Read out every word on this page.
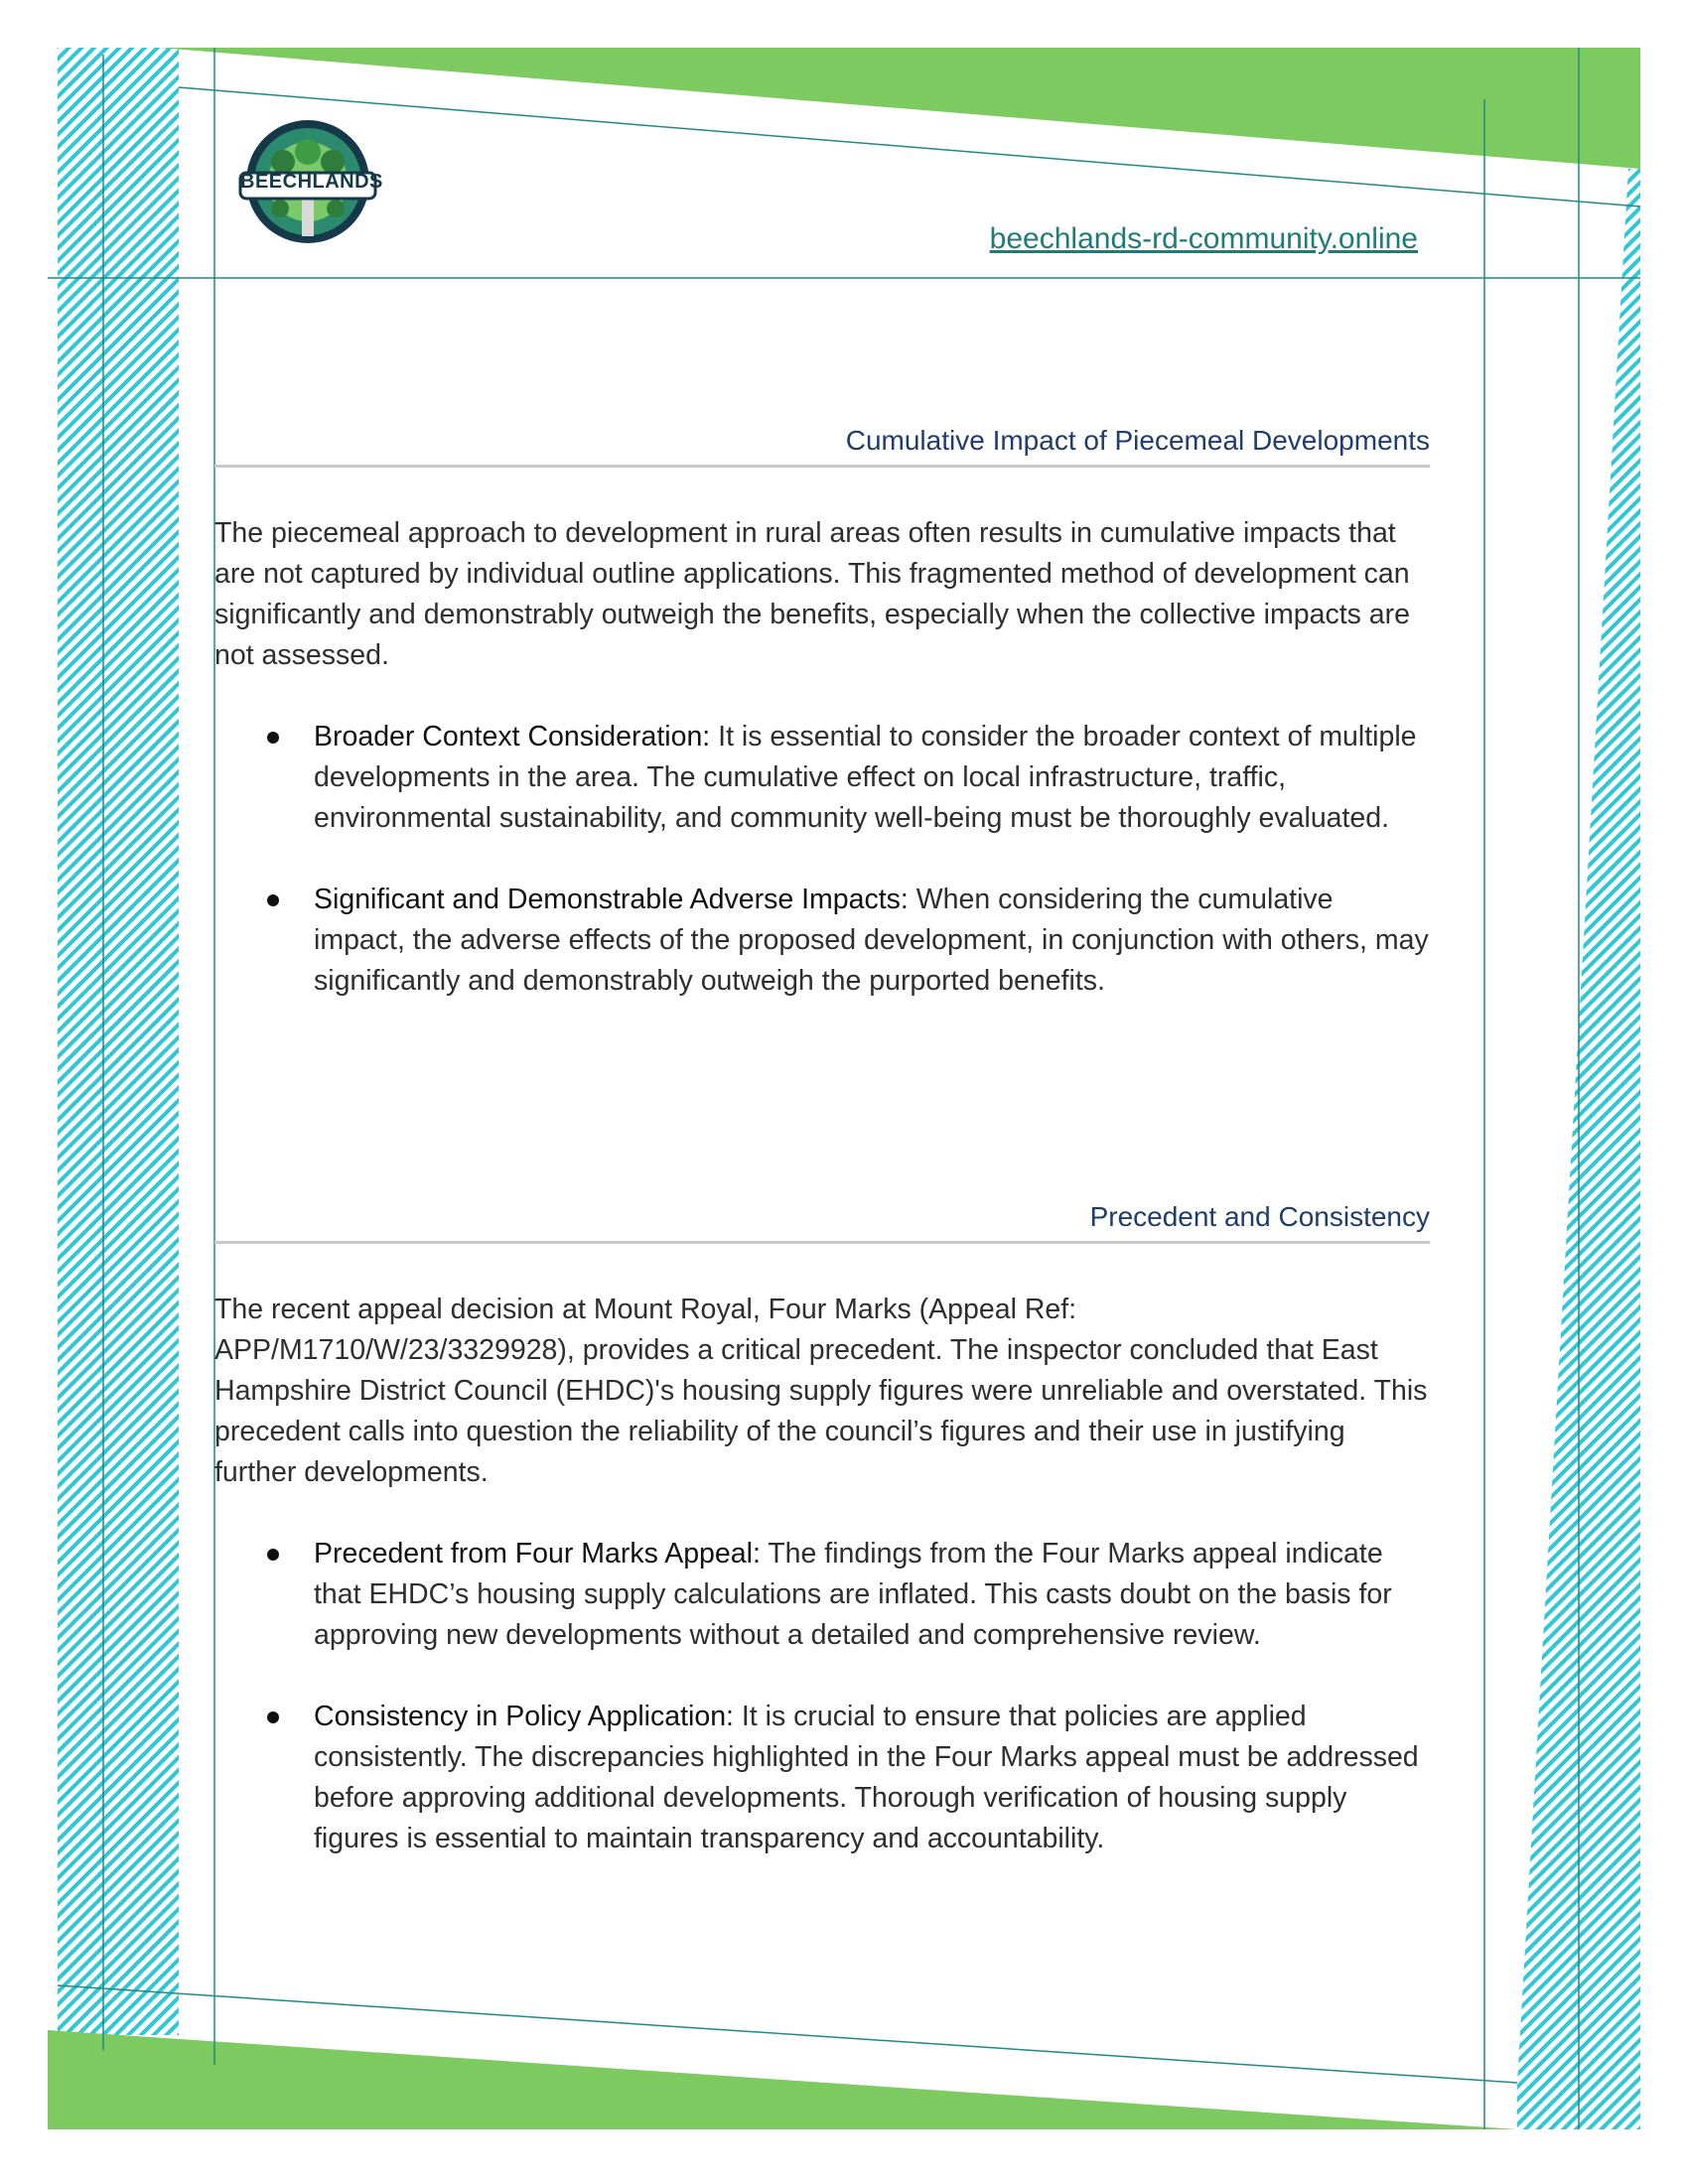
BEECHLANDS
beechlands-rd-community.online
Cumulative Impact of Piecemeal Developments

The piecemeal approach to development in rural areas often results in cumulative impacts that are not captured by individual outline applications. This fragmented method of development can significantly and demonstrably outweigh the benefits, especially when the collective impacts are not assessed.

Broader Context Consideration: It is essential to consider the broader context of multiple developments in the area. The cumulative effect on local infrastructure, traffic, environmental sustainability, and community well-being must be thoroughly evaluated.
Significant and Demonstrable Adverse Impacts: When considering the cumulative impact, the adverse effects of the proposed development, in conjunction with others, may significantly and demonstrably outweigh the purported benefits.
Precedent and Consistency

The recent appeal decision at Mount Royal, Four Marks (Appeal Ref: APP/M1710/W/23/3329928), provides a critical precedent. The inspector concluded that East Hampshire District Council (EHDC)'s housing supply figures were unreliable and overstated. This precedent calls into question the reliability of the council’s figures and their use in justifying further developments.

Precedent from Four Marks Appeal: The findings from the Four Marks appeal indicate that EHDC’s housing supply calculations are inflated. This casts doubt on the basis for approving new developments without a detailed and comprehensive review.
Consistency in Policy Application: It is crucial to ensure that policies are applied consistently. The discrepancies highlighted in the Four Marks appeal must be addressed before approving additional developments. Thorough verification of housing supply figures is essential to maintain transparency and accountability.
